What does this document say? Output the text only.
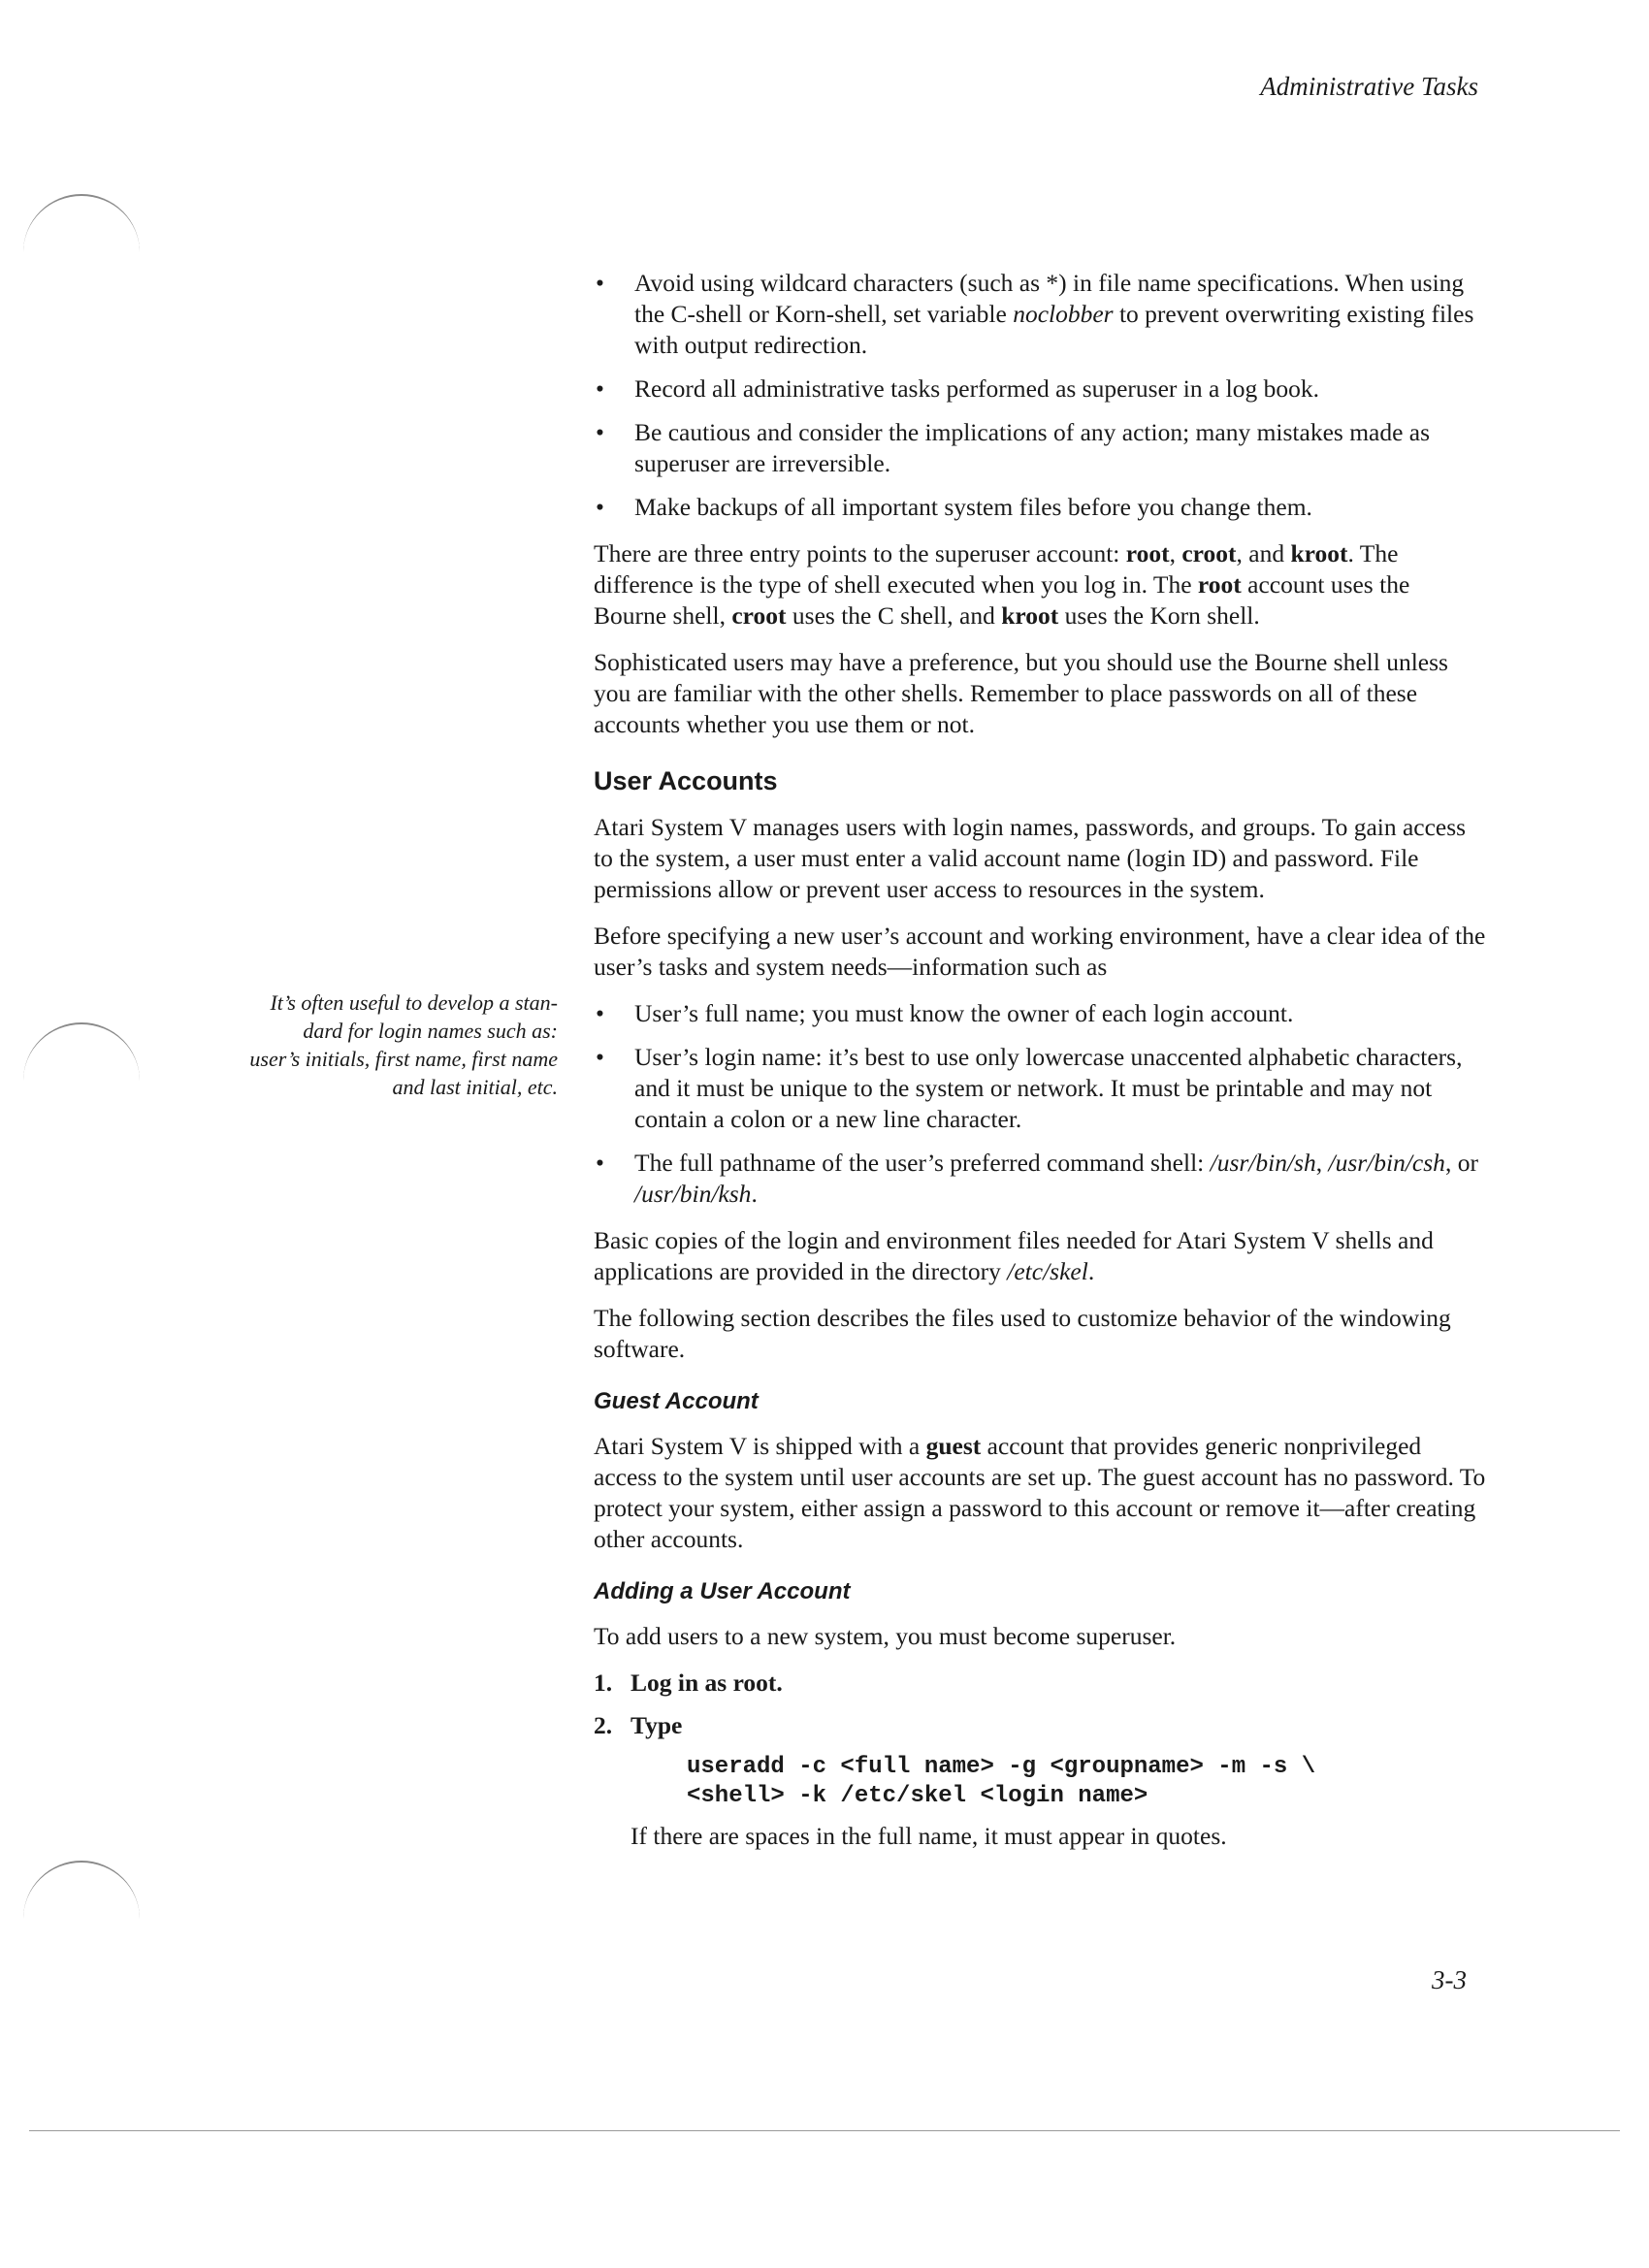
Administrative Tasks
• Avoid using wildcard characters (such as *) in file name specifications. When using the C-shell or Korn-shell, set variable noclobber to prevent overwriting existing files with output redirection.
• Record all administrative tasks performed as superuser in a log book.
• Be cautious and consider the implications of any action; many mistakes made as superuser are irreversible.
• Make backups of all important system files before you change them.

There are three entry points to the superuser account: root, croot, and kroot. The difference is the type of shell executed when you log in. The root account uses the Bourne shell, croot uses the C shell, and kroot uses the Korn shell.

Sophisticated users may have a preference, but you should use the Bourne shell unless you are familiar with the other shells. Remember to place passwords on all of these accounts whether you use them or not.

User Accounts

Atari System V manages users with login names, passwords, and groups. To gain access to the system, a user must enter a valid account name (login ID) and password. File permissions allow or prevent user access to resources in the system.

Before specifying a new user’s account and working environment, have a clear idea of the user’s tasks and system needs—information such as

• User’s full name; you must know the owner of each login account.
• User’s login name: it’s best to use only lowercase unaccented alphabetic characters, and it must be unique to the system or network. It must be printable and may not contain a colon or a new line character.
• The full pathname of the user’s preferred command shell: /usr/bin/sh, /usr/bin/csh, or /usr/bin/ksh.

Basic copies of the login and environment files needed for Atari System V shells and applications are provided in the directory /etc/skel.

The following section describes the files used to customize behavior of the windowing software.

Guest Account

Atari System V is shipped with a guest account that provides generic nonprivileged access to the system until user accounts are set up. The guest account has no password. To protect your system, either assign a password to this account or remove it—after creating other accounts.

Adding a User Account

To add users to a new system, you must become superuser.

1. Log in as root.
2. Type
useradd -c <full name> -g <groupname> -m -s \
<shell> -k /etc/skel <login name>

If there are spaces in the full name, it must appear in quotes.

It’s often useful to develop a stan-
dard for login names such as:
user’s initials, first name, first name
and last initial, etc.
3-3
